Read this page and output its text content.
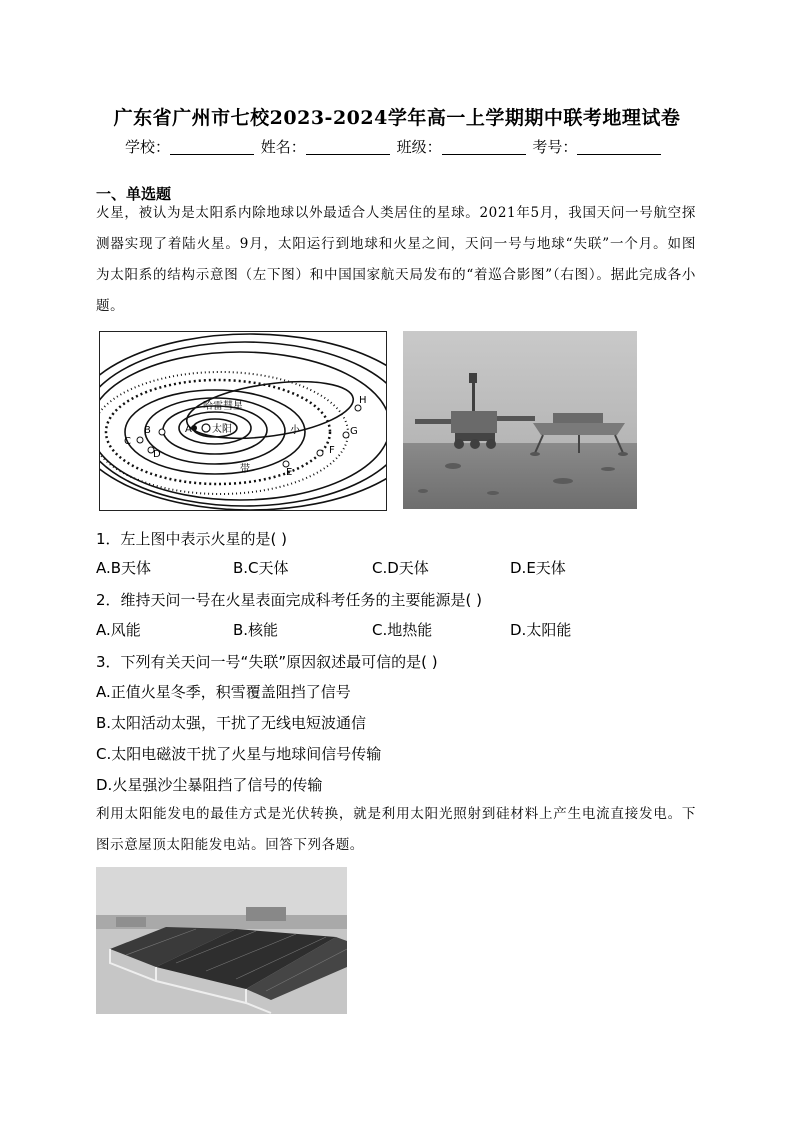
广东省广州市七校2023-2024学年高一上学期期中联考地理试卷
学校：	姓名：	班级：	考号：
一、单选题
火星，被认为是太阳系内除地球以外最适合人类居住的星球。2021年5月，我国天问一号航空探测器实现了着陆火星。9月，太阳运行到地球和火星之间，天问一号与地球“失联”一个月。如图为太阳系的结构示意图（左下图）和中国国家航天局发布的“着巡合影图”（右图）。据此完成各小题。
哈雷彗星
A 太阳
B
C
D
E
F
G
H
小
带
1．左上图中表示火星的是( )
A.B天体	B.C天体	C.D天体	D.E天体
2．维持天问一号在火星表面完成科考任务的主要能源是( )
A.风能	B.核能	C.地热能	D.太阳能
3．下列有关天问一号“失联”原因叙述最可信的是( )
A.正值火星冬季，积雪覆盖阻挡了信号
B.太阳活动太强，干扰了无线电短波通信
C.太阳电磁波干扰了火星与地球间信号传输
D.火星强沙尘暴阻挡了信号的传输
利用太阳能发电的最佳方式是光伏转换，就是利用太阳光照射到硅材料上产生电流直接发电。下图示意屋顶太阳能发电站。回答下列各题。
